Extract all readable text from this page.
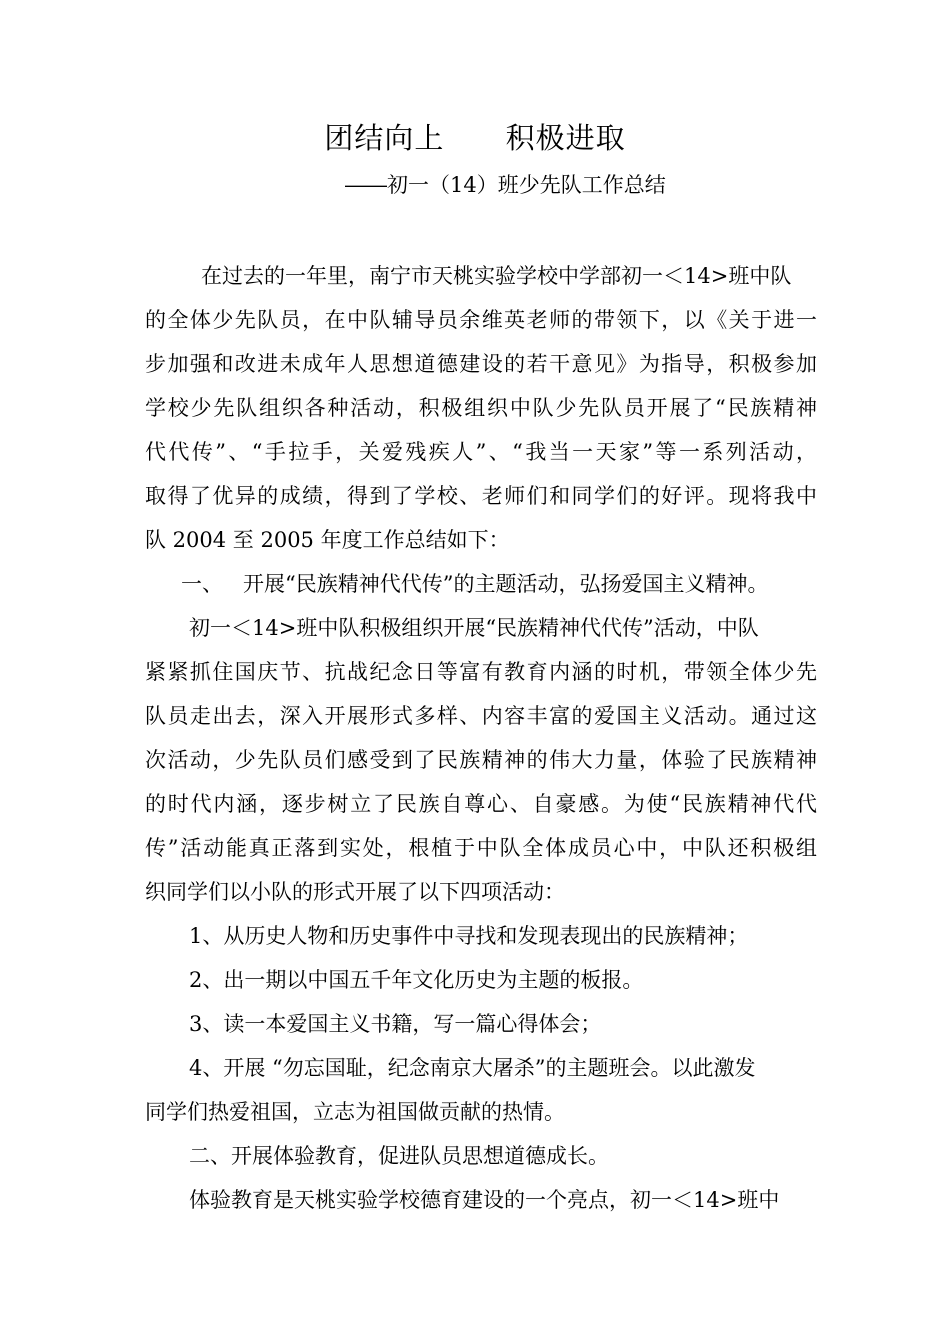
团结向上      积极进取
――初一（14）班少先队工作总结
在过去的一年里，南宁市天桃实验学校中学部初一＜14>班中队
的全体少先队员，在中队辅导员余维英老师的带领下，以《关于进一
步加强和改进未成年人思想道德建设的若干意见》为指导，积极参加
学校少先队组织各种活动，积极组织中队少先队员开展了“民族精神
代代传”、“手拉手，关爱残疾人”、“我当一天家”等一系列活动，
取得了优异的成绩，得到了学校、老师们和同学们的好评。现将我中
队 2004 至 2005 年度工作总结如下：
一、   开展“民族精神代代传”的主题活动，弘扬爱国主义精神。
初一＜14>班中队积极组织开展“民族精神代代传”活动，中队
紧紧抓住国庆节、抗战纪念日等富有教育内涵的时机，带领全体少先
队员走出去，深入开展形式多样、内容丰富的爱国主义活动。通过这
次活动，少先队员们感受到了民族精神的伟大力量，体验了民族精神
的时代内涵，逐步树立了民族自尊心、自豪感。为使“民族精神代代
传”活动能真正落到实处，根植于中队全体成员心中，中队还积极组
织同学们以小队的形式开展了以下四项活动：
1、从历史人物和历史事件中寻找和发现表现出的民族精神；
2、出一期以中国五千年文化历史为主题的板报。
3、读一本爱国主义书籍，写一篇心得体会；
4、开展 “勿忘国耻，纪念南京大屠杀”的主题班会。以此激发
同学们热爱祖国，立志为祖国做贡献的热情。
二、开展体验教育，促进队员思想道德成长。
体验教育是天桃实验学校德育建设的一个亮点，初一＜14>班中
